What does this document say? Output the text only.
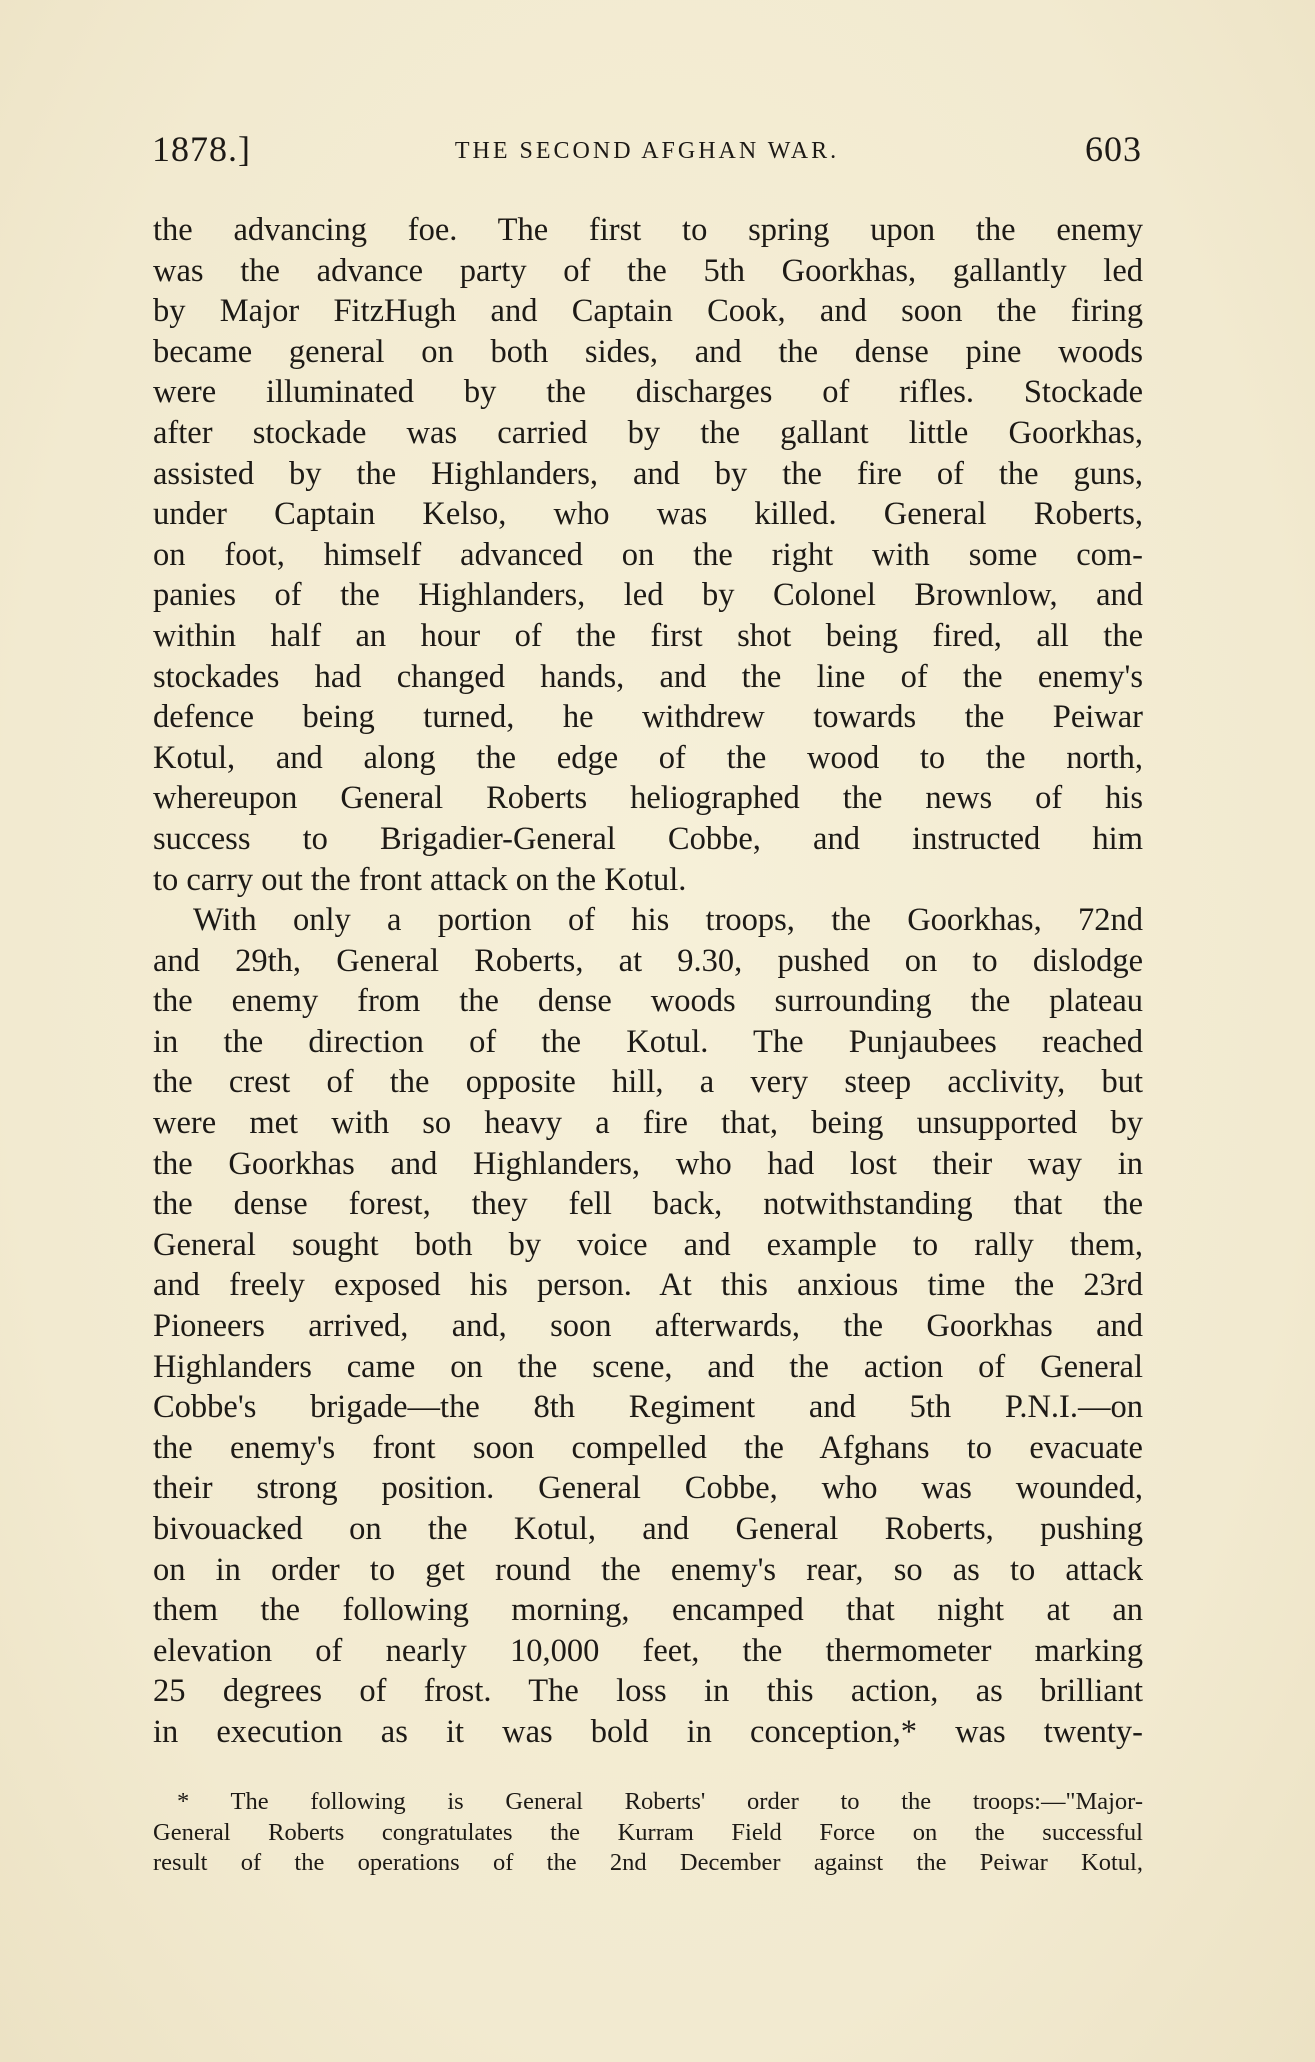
1878.]	THE SECOND AFGHAN WAR.	603
the advancing foe. The first to spring upon the enemy
was the advance party of the 5th Goorkhas, gallantly led
by Major FitzHugh and Captain Cook, and soon the firing
became general on both sides, and the dense pine woods
were illuminated by the discharges of rifles. Stockade
after stockade was carried by the gallant little Goorkhas,
assisted by the Highlanders, and by the fire of the guns,
under Captain Kelso, who was killed. General Roberts,
on foot, himself advanced on the right with some com-
panies of the Highlanders, led by Colonel Brownlow, and
within half an hour of the first shot being fired, all the
stockades had changed hands, and the line of the enemy's
defence being turned, he withdrew towards the Peiwar
Kotul, and along the edge of the wood to the north,
whereupon General Roberts heliographed the news of his
success to Brigadier-General Cobbe, and instructed him
to carry out the front attack on the Kotul.
With only a portion of his troops, the Goorkhas, 72nd
and 29th, General Roberts, at 9.30, pushed on to dislodge
the enemy from the dense woods surrounding the plateau
in the direction of the Kotul. The Punjaubees reached
the crest of the opposite hill, a very steep acclivity, but
were met with so heavy a fire that, being unsupported by
the Goorkhas and Highlanders, who had lost their way in
the dense forest, they fell back, notwithstanding that the
General sought both by voice and example to rally them,
and freely exposed his person. At this anxious time the 23rd
Pioneers arrived, and, soon afterwards, the Goorkhas and
Highlanders came on the scene, and the action of General
Cobbe's brigade—the 8th Regiment and 5th P.N.I.—on
the enemy's front soon compelled the Afghans to evacuate
their strong position. General Cobbe, who was wounded,
bivouacked on the Kotul, and General Roberts, pushing
on in order to get round the enemy's rear, so as to attack
them the following morning, encamped that night at an
elevation of nearly 10,000 feet, the thermometer marking
25 degrees of frost. The loss in this action, as brilliant
in execution as it was bold in conception,* was twenty-
* The following is General Roberts' order to the troops:—"Major-
General Roberts congratulates the Kurram Field Force on the successful
result of the operations of the 2nd December against the Peiwar Kotul,
